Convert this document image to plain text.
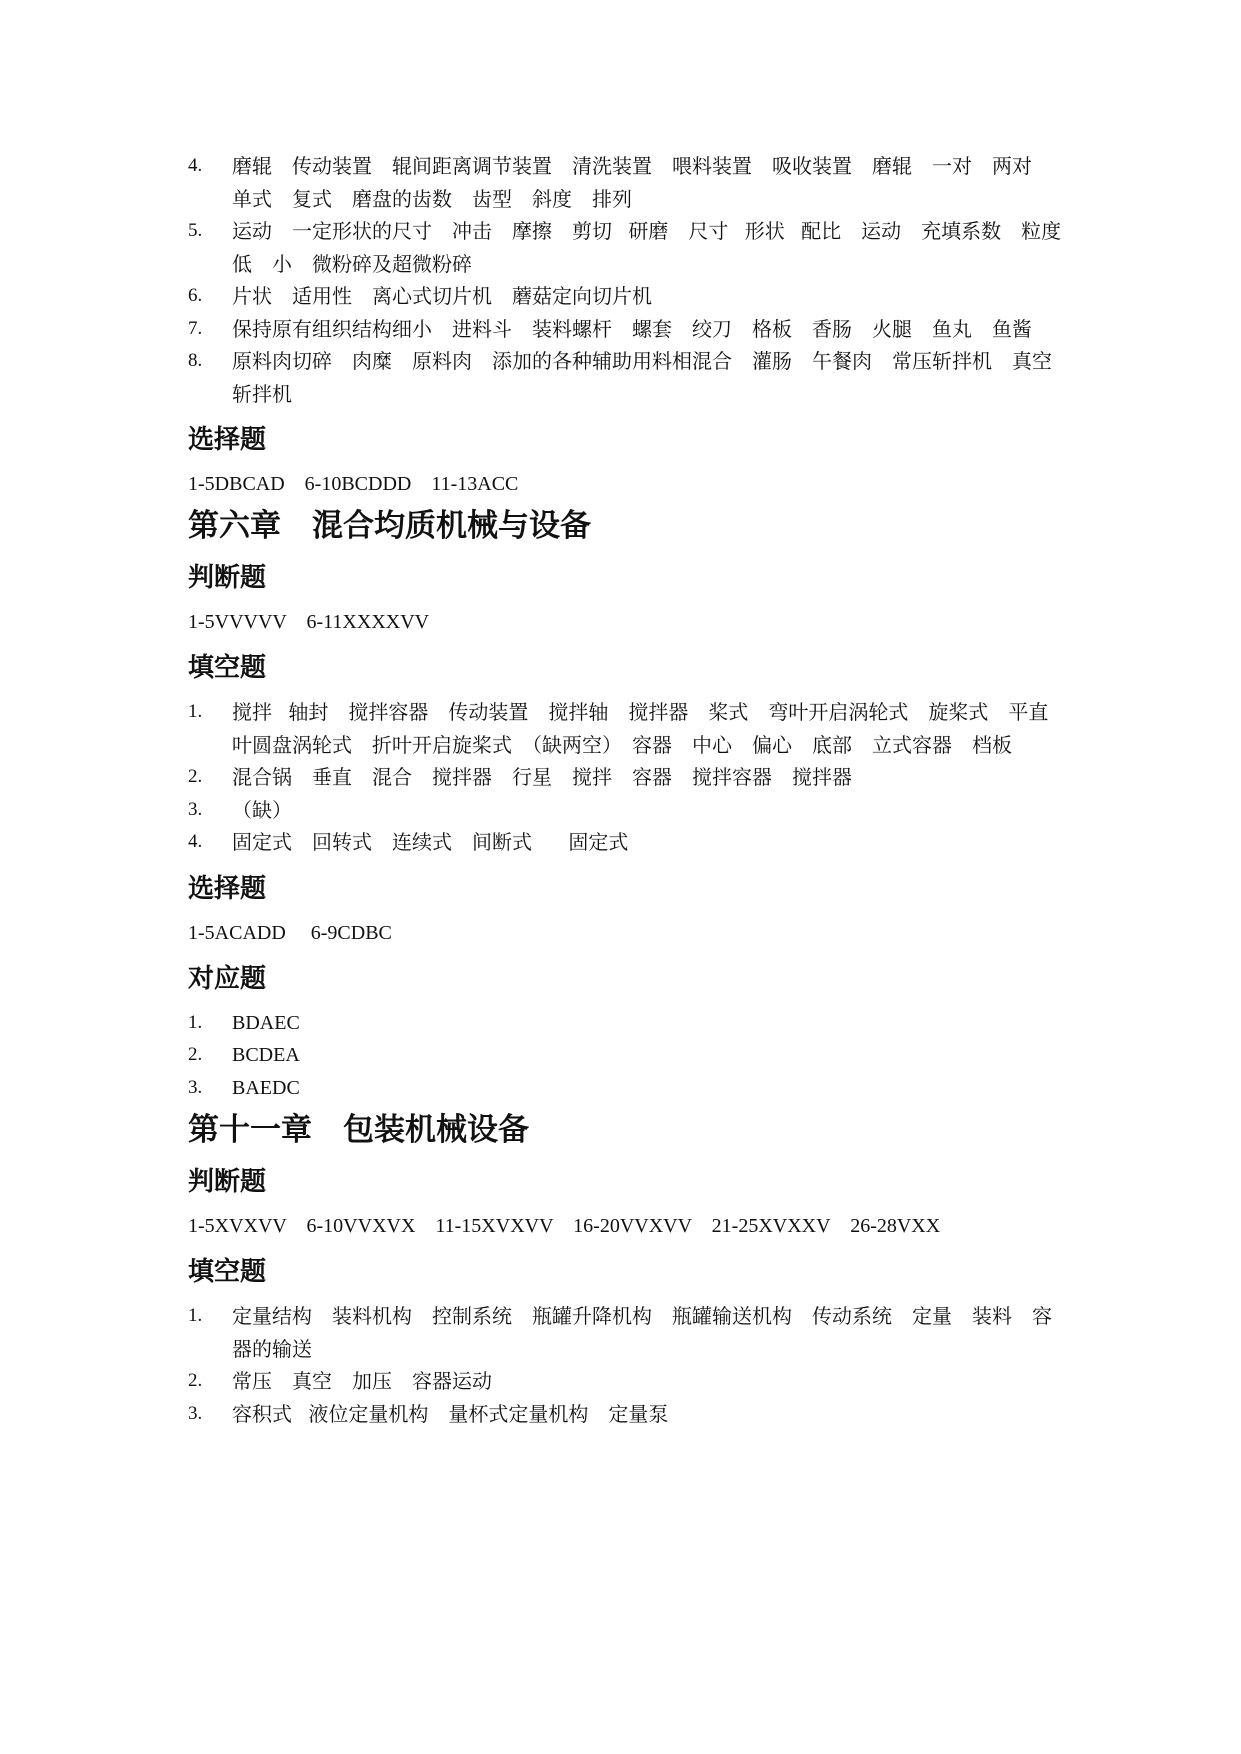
4. 磨辊　传动装置　辊间距离调节装置　清洗装置　喂料装置　吸收装置　磨辊　一对　两对　单式　复式　磨盘的齿数　齿型　斜度　排列
5. 运动　一定形状的尺寸　冲击　摩擦　剪切 研磨　尺寸 形状 配比　运动　充填系数　粒度　低　小　微粉碎及超微粉碎
6. 片状　适用性　离心式切片机　蘑菇定向切片机
7. 保持原有组织结构细小　进料斗　装料螺杆　螺套　绞刀　格板　香肠　火腿　鱼丸　鱼酱
8. 原料肉切碎　肉糜　原料肉　添加的各种辅助用料相混合　灌肠　午餐肉　常压斩拌机　真空斩拌机
选择题

1-5DBCAD    6-10BCDDD    11-13ACC

第六章　混合均质机械与设备
判断题

1-5VVVVV    6-11XXXXVV

填空题
1. 搅拌 轴封　搅拌容器　传动装置　搅拌轴　搅拌器　桨式　弯叶开启涡轮式　旋桨式　平直叶圆盘涡轮式　折叶开启旋桨式　（缺两空）　容器　中心　偏心　底部　立式容器　档板
2. 混合锅　垂直　混合　搅拌器　行星　搅拌　容器　搅拌容器　搅拌器
3. （缺）
4. 固定式　回转式　连续式　间断式　 固定式
选择题

1-5ACADD     6-9CDBC

对应题
1. BDAEC
2. BCDEA
3. BAEDC
第十一章　包装机械设备
判断题

1-5XVXVV    6-10VVXVX    11-15XVXVV    16-20VVXVV    21-25XVXXV    26-28VXX

填空题
1. 定量结构　装料机构　控制系统　瓶罐升降机构　瓶罐输送机构　传动系统　定量　装料　容器的输送
2. 常压　真空　加压　容器运动
3. 容积式 液位定量机构　量杯式定量机构　定量泵
